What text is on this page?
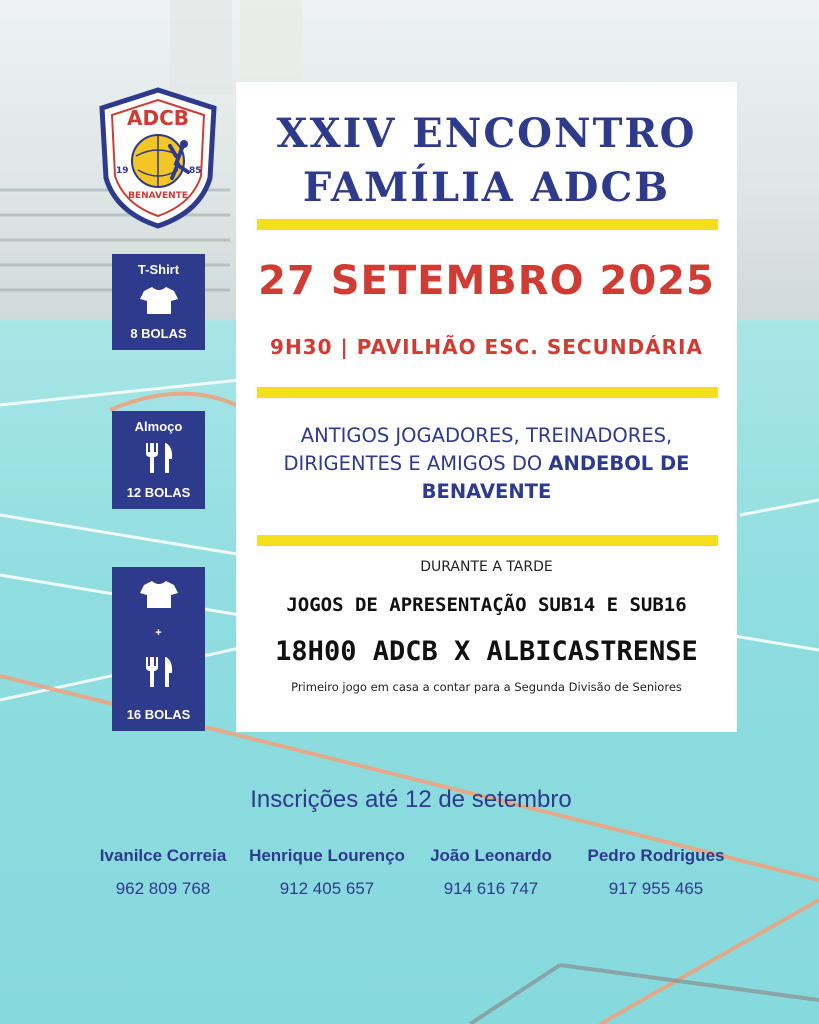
ADCB
19	85
BENAVENTE
T-Shirt
8 BOLAS
Almoço
12 BOLAS
+
16 BOLAS
XXIV ENCONTRO
FAMÍLIA ADCB
27 SETEMBRO 2025
9H30 | PAVILHÃO ESC. SECUNDÁRIA
ANTIGOS JOGADORES, TREINADORES,
DIRIGENTES E AMIGOS DO ANDEBOL DE
BENAVENTE
DURANTE A TARDE
JOGOS DE APRESENTAÇÃO SUB14 E SUB16
18H00 ADCB X ALBICASTRENSE
Primeiro jogo em casa a contar para a Segunda Divisão de Seniores
Inscrições até 12 de setembro
Ivanilce Correia
962 809 768
Henrique Lourenço
912 405 657
João Leonardo
914 616 747
Pedro Rodrigues
917 955 465
